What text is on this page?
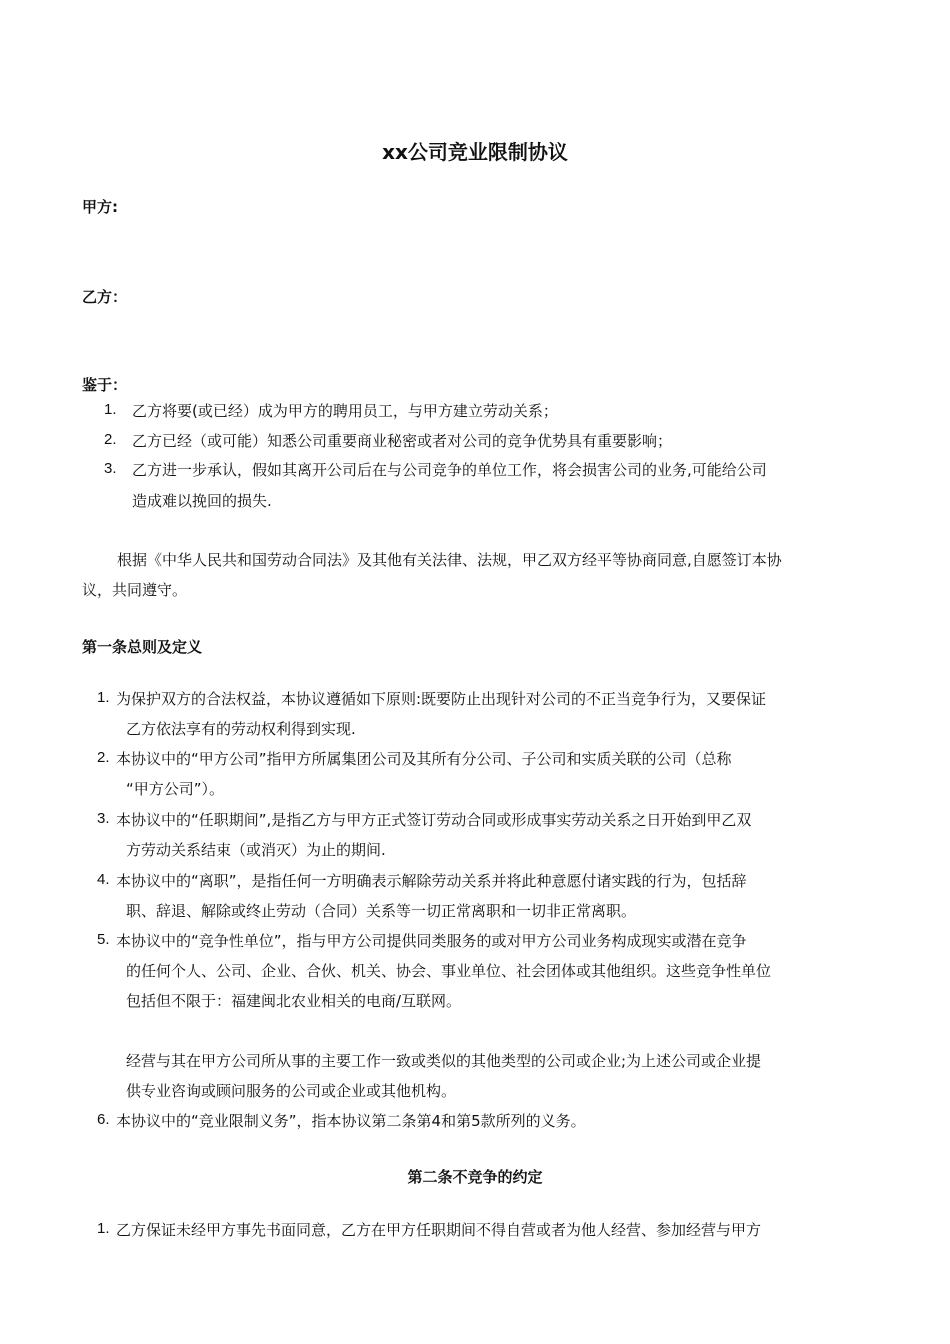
xx公司竞业限制协议
甲方:
乙方：
鉴于：
1. 乙方将要(或已经）成为甲方的聘用员工，与甲方建立劳动关系；
2. 乙方已经（或可能）知悉公司重要商业秘密或者对公司的竞争优势具有重要影响；
3. 乙方进一步承认，假如其离开公司后在与公司竞争的单位工作，将会损害公司的业务,可能给公司
造成难以挽回的损失.
根据《中华人民共和国劳动合同法》及其他有关法律、法规，甲乙双方经平等协商同意,自愿签订本协
议，共同遵守。
第一条总则及定义
1. 为保护双方的合法权益，本协议遵循如下原则:既要防止出现针对公司的不正当竞争行为，又要保证
乙方依法享有的劳动权利得到实现.
2. 本协议中的“甲方公司”指甲方所属集团公司及其所有分公司、子公司和实质关联的公司（总称
“甲方公司”）。
3. 本协议中的“任职期间”,是指乙方与甲方正式签订劳动合同或形成事实劳动关系之日开始到甲乙双
方劳动关系结束（或消灭）为止的期间.
4. 本协议中的“离职”，是指任何一方明确表示解除劳动关系并将此种意愿付诸实践的行为，包括辞
职、辞退、解除或终止劳动（合同）关系等一切正常离职和一切非正常离职。
5. 本协议中的“竞争性单位”，指与甲方公司提供同类服务的或对甲方公司业务构成现实或潜在竞争
的任何个人、公司、企业、合伙、机关、协会、事业单位、社会团体或其他组织。这些竞争性单位
包括但不限于：福建闽北农业相关的电商/互联网。
经营与其在甲方公司所从事的主要工作一致或类似的其他类型的公司或企业;为上述公司或企业提
供专业咨询或顾问服务的公司或企业或其他机构。
6. 本协议中的“竞业限制义务”，指本协议第二条第4和第5款所列的义务。
第二条不竞争的约定
1. 乙方保证未经甲方事先书面同意，乙方在甲方任职期间不得自营或者为他人经营、参加经营与甲方
